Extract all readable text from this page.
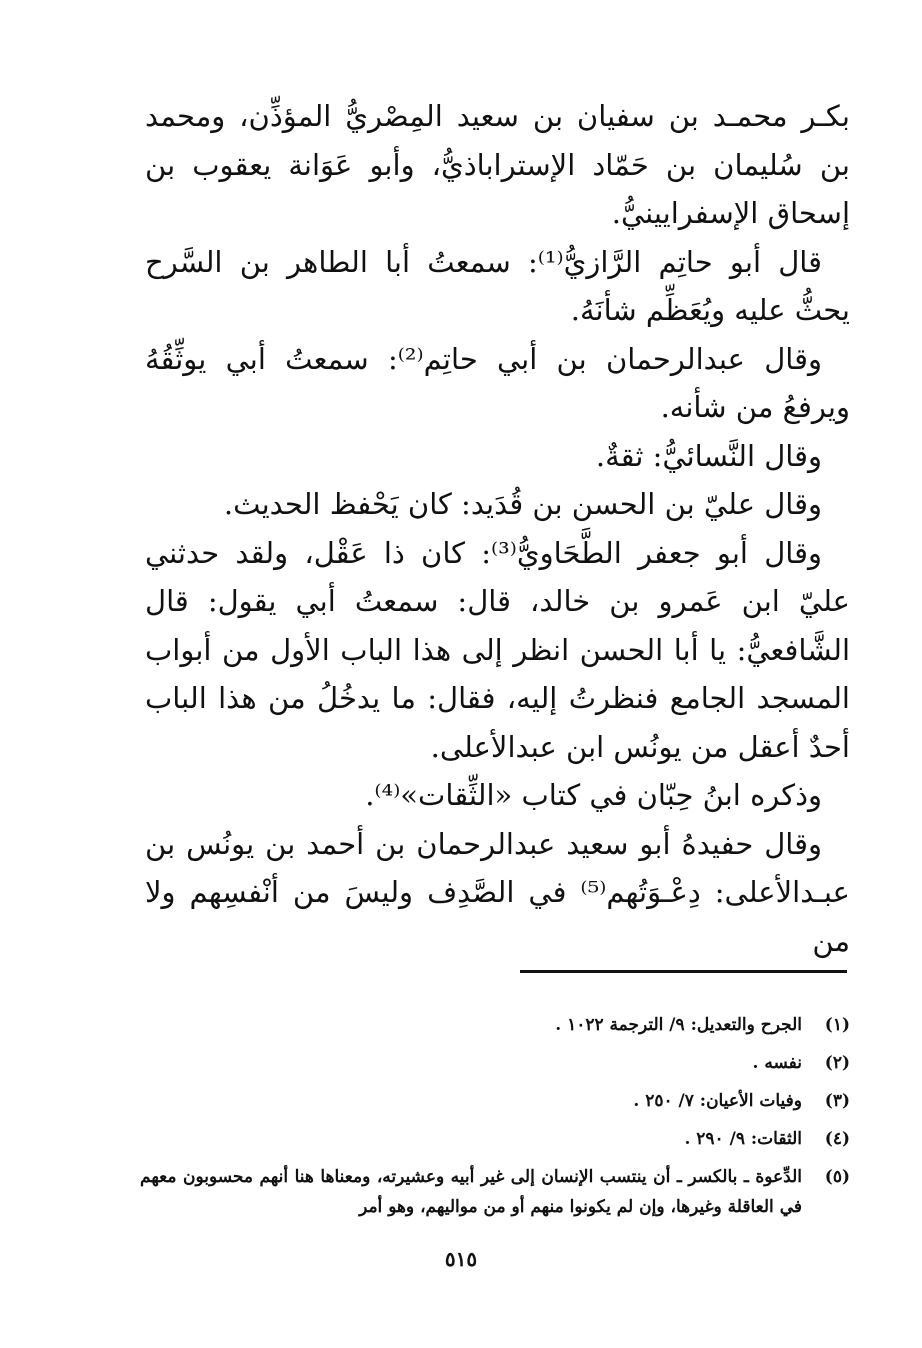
بكـر محمـد بن سفيان بن سعيد المِصْريُّ المؤذِّن، ومحمد بن سُليمان بن حَمّاد الإستراباذيُّ، وأبو عَوَانة يعقوب بن إسحاق الإسفرايينيُّ.

قال أبو حاتِم الرَّازيُّ⁽¹⁾: سمعتُ أبا الطاهر بن السَّرح يحثُّ عليه ويُعَظِّم شأنَهُ.

وقال عبدالرحمان بن أبي حاتِم⁽²⁾: سمعتُ أبي يوثِّقُهُ ويرفعُ من شأنه.

وقال النَّسائيُّ: ثقةٌ.

وقال عليّ بن الحسن بن قُدَيد: كان يَحْفظ الحديث.

وقال أبو جعفر الطَّحَاويُّ⁽³⁾: كان ذا عَقْل، ولقد حدثني عليّ ابن عَمرو بن خالد، قال: سمعتُ أبي يقول: قال الشَّافعيُّ: يا أبا الحسن انظر إلى هذا الباب الأول من أبواب المسجد الجامع فنظرتُ إليه، فقال: ما يدخُلُ من هذا الباب أحدٌ أعقل من يونُس ابن عبدالأعلى.

وذكره ابنُ حِبّان في كتاب «الثِّقات»⁽⁴⁾.

وقال حفيدهُ أبو سعيد عبدالرحمان بن أحمد بن يونُس بن عبـدالأعلى: دِعْـوَتُهم⁽⁵⁾ في الصَّدِف وليسَ من أنْفسِهم ولا من

(١)
الجرح والتعديل: ٩/ الترجمة ١٠٢٢ .
(٢)
نفسه .
(٣)
وفيات الأعيان: ٧/ ٢٥٠ .
(٤)
الثقات: ٩/ ٢٩٠ .
(٥)
الدِّعوة ـ بالكسر ـ أن ينتسب الإنسان إلى غير أبيه وعشيرته، ومعناها هنا أنهم محسوبون معهم في العاقلة وغيرها، وإن لم يكونوا منهم أو من مواليهم، وهو أمر
٥١٥
